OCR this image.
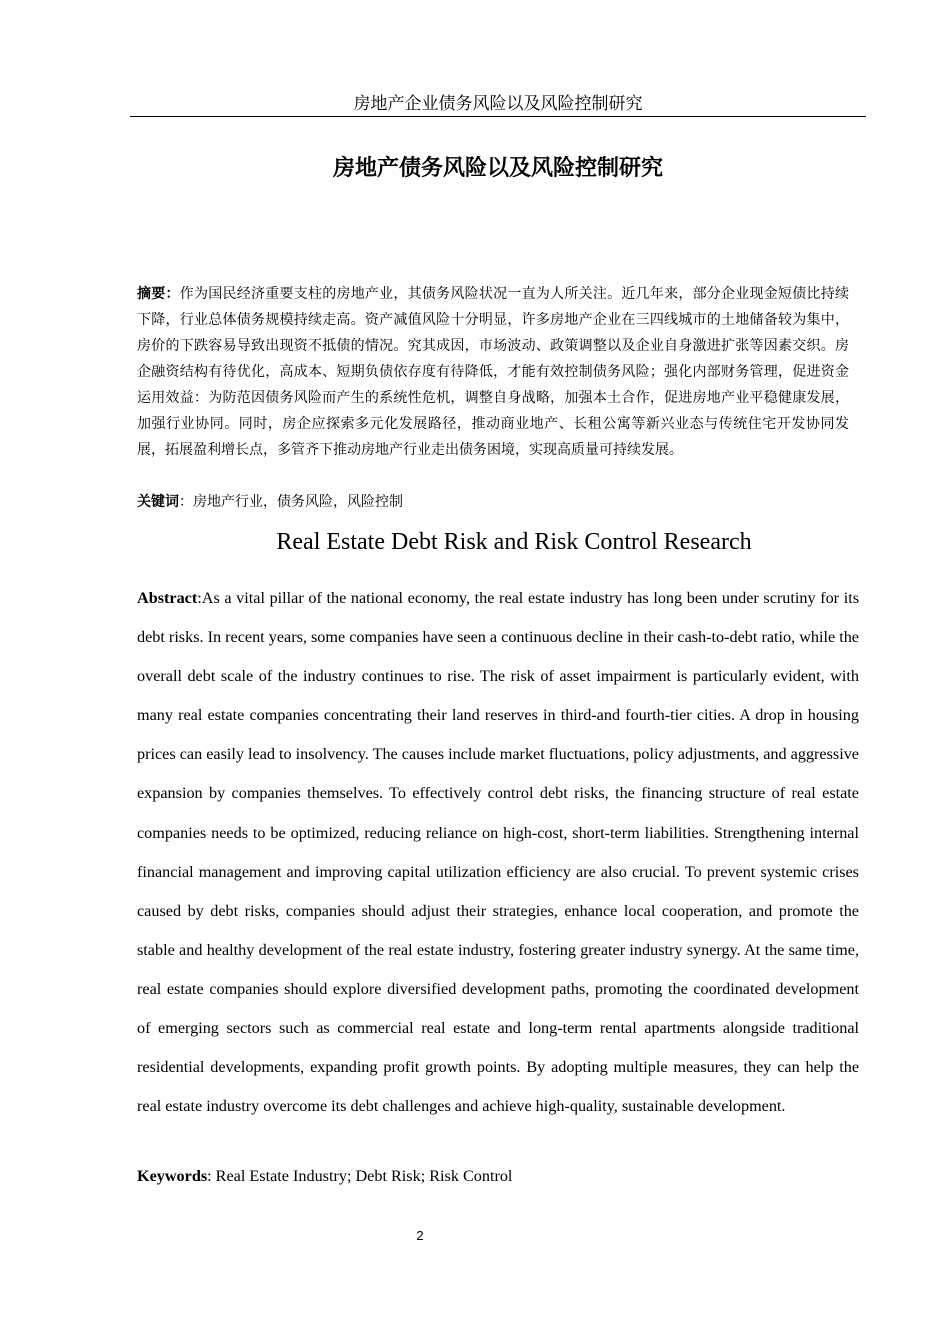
房地产企业债务风险以及风险控制研究
房地产债务风险以及风险控制研究
摘要：作为国民经济重要支柱的房地产业，其债务风险状况一直为人所关注。近几年来，部分企业现金短债比持续下降，行业总体债务规模持续走高。资产减值风险十分明显，许多房地产企业在三四线城市的土地储备较为集中，房价的下跌容易导致出现资不抵债的情况。究其成因，市场波动、政策调整以及企业自身激进扩张等因素交织。房企融资结构有待优化，高成本、短期负债依存度有待降低，才能有效控制债务风险；强化内部财务管理，促进资金运用效益：为防范因债务风险而产生的系统性危机，调整自身战略，加强本土合作，促进房地产业平稳健康发展，加强行业协同。同时，房企应探索多元化发展路径，推动商业地产、长租公寓等新兴业态与传统住宅开发协同发展，拓展盈利增长点，多管齐下推动房地产行业走出债务困境，实现高质量可持续发展。
关键词：房地产行业，债务风险，风险控制
Real Estate Debt Risk and Risk Control Research
Abstract:As a vital pillar of the national economy, the real estate industry has long been under scrutiny for its debt risks. In recent years, some companies have seen a continuous decline in their cash-to-debt ratio, while the overall debt scale of the industry continues to rise. The risk of asset impairment is particularly evident, with many real estate companies concentrating their land reserves in third-and fourth-tier cities. A drop in housing prices can easily lead to insolvency. The causes include market fluctuations, policy adjustments, and aggressive expansion by companies themselves. To effectively control debt risks, the financing structure of real estate companies needs to be optimized, reducing reliance on high-cost, short-term liabilities. Strengthening internal financial management and improving capital utilization efficiency are also crucial. To prevent systemic crises caused by debt risks, companies should adjust their strategies, enhance local cooperation, and promote the stable and healthy development of the real estate industry, fostering greater industry synergy. At the same time, real estate companies should explore diversified development paths, promoting the coordinated development of emerging sectors such as commercial real estate and long-term rental apartments alongside traditional residential developments, expanding profit growth points. By adopting multiple measures, they can help the real estate industry overcome its debt challenges and achieve high-quality, sustainable development.
Keywords: Real Estate Industry; Debt Risk; Risk Control
2
